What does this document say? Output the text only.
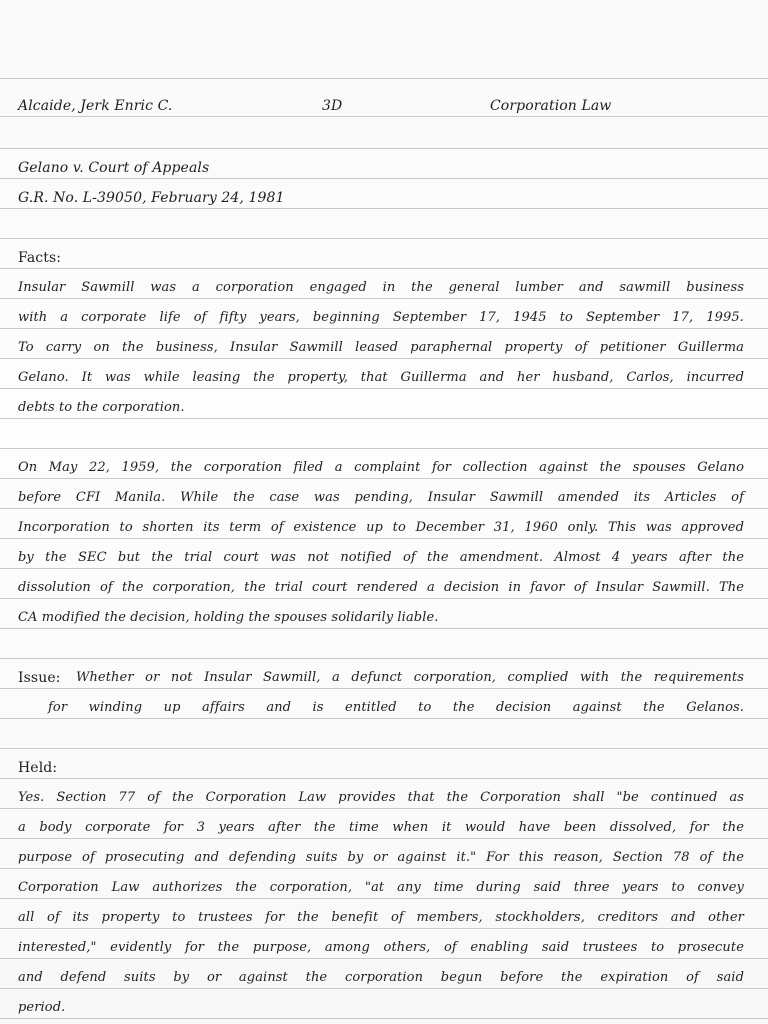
Alcaide, Jerk Enric C.	3D	Corporation Law
Gelano v. Court of Appeals
G.R. No. L-39050, February 24, 1981
Facts:
Insular Sawmill was a corporation engaged in the general lumber and sawmill business
with a corporate life of fifty years, beginning September 17, 1945 to September 17, 1995.
To carry on the business, Insular Sawmill leased paraphernal property of petitioner Guillerma
Gelano. It was while leasing the property, that Guillerma and her husband, Carlos, incurred
debts to the corporation.
On May 22, 1959, the corporation filed a complaint for collection against the spouses Gelano
before CFI Manila. While the case was pending, Insular Sawmill amended its Articles of
Incorporation to shorten its term of existence up to December 31, 1960 only. This was approved
by the SEC but the trial court was not notified of the amendment. Almost 4 years after the
dissolution of the corporation, the trial court rendered a decision in favor of Insular Sawmill. The
CA modified the decision, holding the spouses solidarily liable.
Issue: Whether or not Insular Sawmill, a defunct corporation, complied with the requirements
for winding up affairs and is entitled to the decision against the Gelanos.
Held:
Yes. Section 77 of the Corporation Law provides that the Corporation shall "be continued as
a body corporate for 3 years after the time when it would have been dissolved, for the
purpose of prosecuting and defending suits by or against it." For this reason, Section 78 of the
Corporation Law authorizes the corporation, "at any time during said three years to convey
all of its property to trustees for the benefit of members, stockholders, creditors and other
interested," evidently for the purpose, among others, of enabling said trustees to prosecute
and defend suits by or against the corporation begun before the expiration of said
period.
